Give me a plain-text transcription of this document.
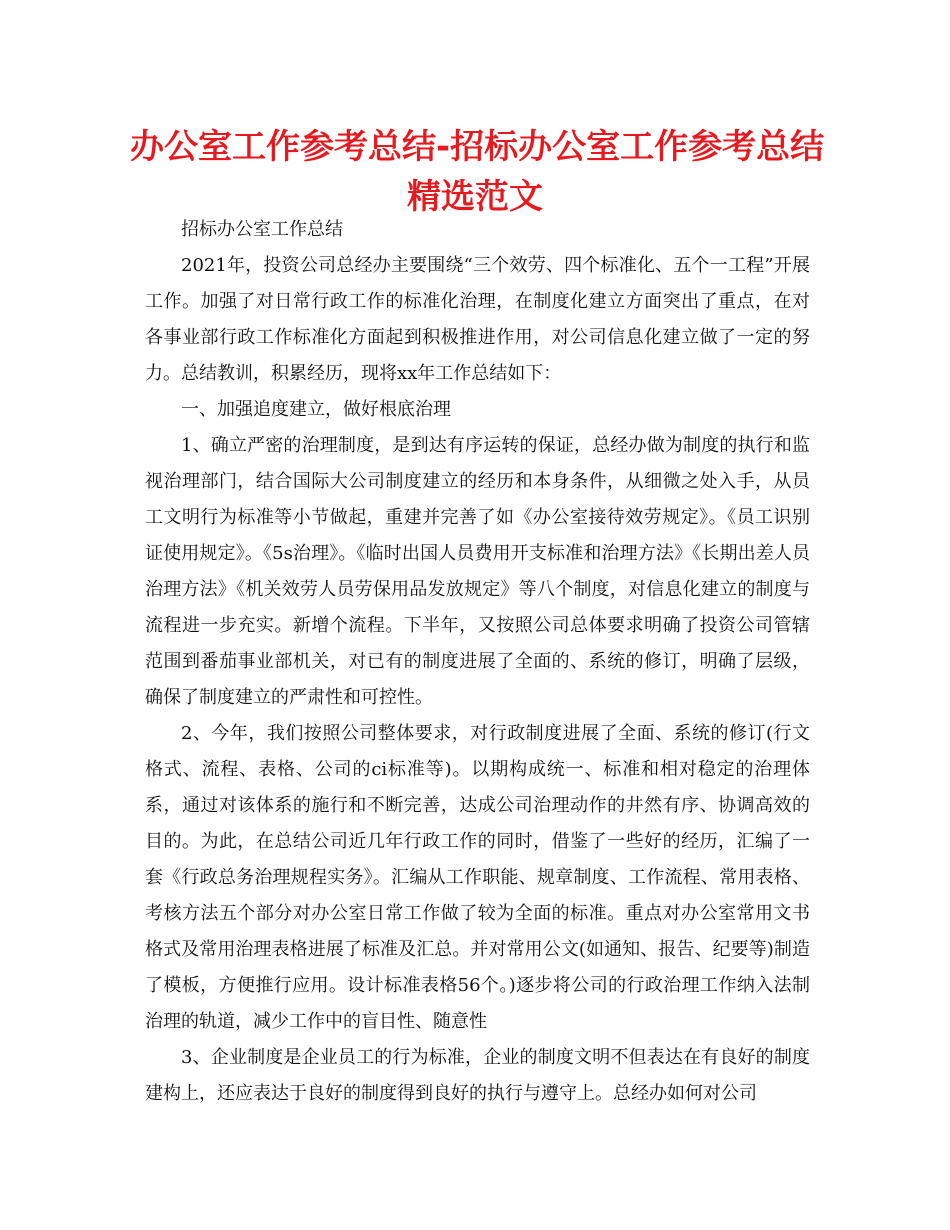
办公室工作参考总结-招标办公室工作参考总结
精选范文

招标办公室工作总结

2021年，投资公司总经办主要围绕“三个效劳、四个标准化、五个一工程”开展工作。加强了对日常行政工作的标准化治理，在制度化建立方面突出了重点，在对各事业部行政工作标准化方面起到积极推进作用，对公司信息化建立做了一定的努力。总结教训，积累经历，现将xx年工作总结如下：

一、加强追度建立，做好根底治理

1、确立严密的治理制度，是到达有序运转的保证，总经办做为制度的执行和监视治理部门，结合国际大公司制度建立的经历和本身条件，从细微之处入手，从员工文明行为标准等小节做起，重建并完善了如《办公室接待效劳规定》。《员工识别证使用规定》。《5s治理》。《临时出国人员费用开支标准和治理方法》《长期出差人员治理方法》《机关效劳人员劳保用品发放规定》等八个制度，对信息化建立的制度与流程进一步充实。新增个流程。下半年，又按照公司总体要求明确了投资公司管辖范围到番茄事业部机关，对已有的制度进展了全面的、系统的修订，明确了层级，确保了制度建立的严肃性和可控性。

2、今年，我们按照公司整体要求，对行政制度进展了全面、系统的修订(行文格式、流程、表格、公司的ci标准等)。以期构成统一、标准和相对稳定的治理体系，通过对该体系的施行和不断完善，达成公司治理动作的井然有序、协调高效的目的。为此，在总结公司近几年行政工作的同时，借鉴了一些好的经历，汇编了一套《行政总务治理规程实务》。汇编从工作职能、规章制度、工作流程、常用表格、考核方法五个部分对办公室日常工作做了较为全面的标准。重点对办公室常用文书格式及常用治理表格进展了标准及汇总。并对常用公文(如通知、报告、纪要等)制造了模板，方便推行应用。设计标准表格56个。)逐步将公司的行政治理工作纳入法制治理的轨道，减少工作中的盲目性、随意性

3、企业制度是企业员工的行为标准，企业的制度文明不但表达在有良好的制度建构上，还应表达于良好的制度得到良好的执行与遵守上。总经办如何对公司
